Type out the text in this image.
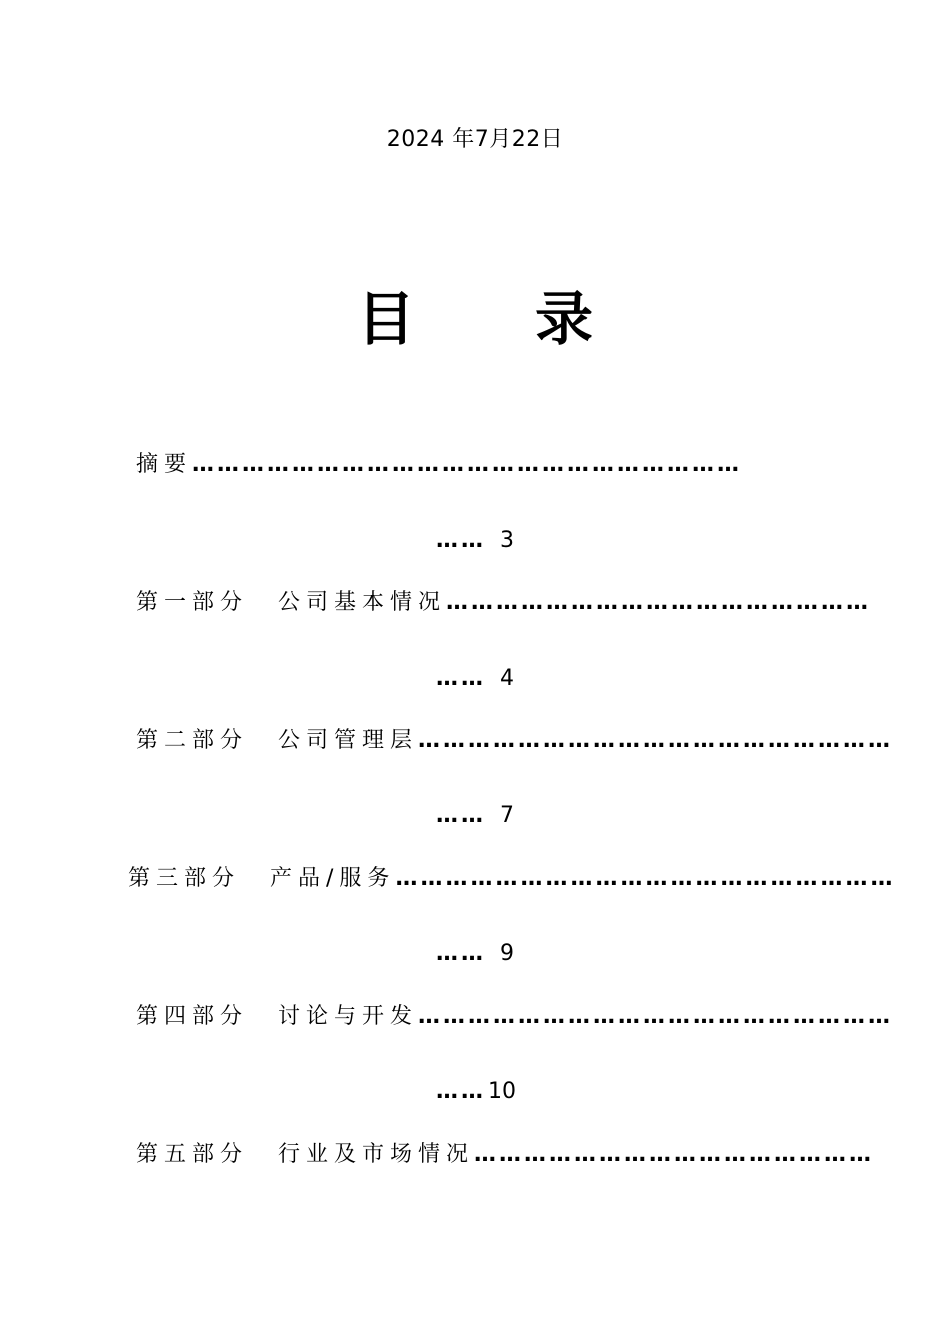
2024 年7月22日
目 录
摘要…………………………………………………………
…… 3
第一部分 公司基本情况……………………………………………
…… 4
第二部分 公司管理层…………………………………………………
…… 7
第三部分 产品/服务……………………………………………………
…… 9
第四部分 讨论与开发…………………………………………………
……10
第五部分 行业及市场情况…………………………………………
